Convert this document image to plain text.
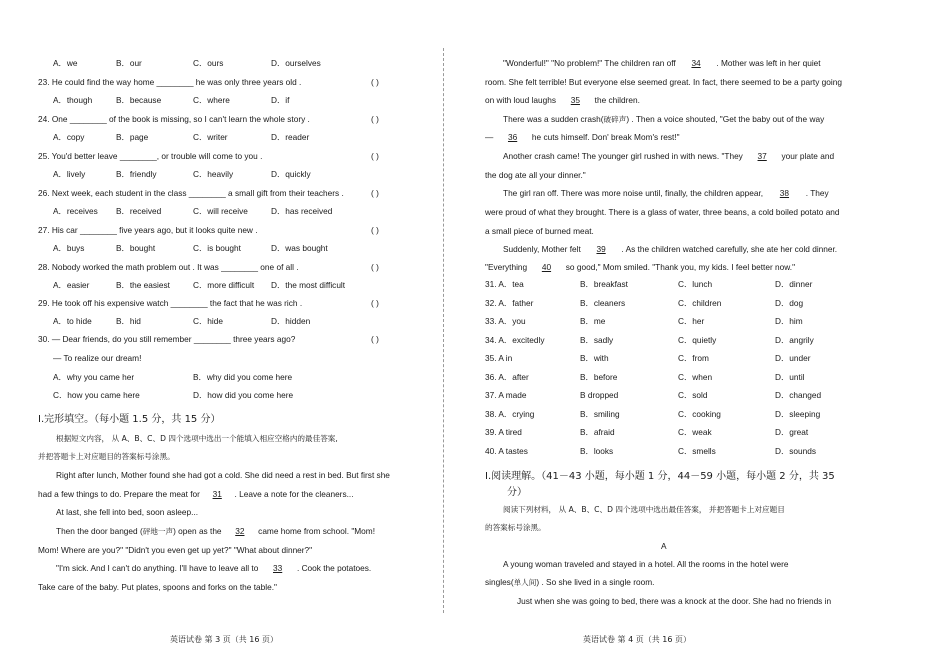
A．we	B．our	C．ours	D．ourselves
30. — Dear friends, do you still remember ________ three years ago?	( )
— To realize our dream!
A．why you came her	B．why did you come here
C．how you came here	D．how did you come here
Ⅰ.完形填空。（每小题 1.5 分，共 15 分）
根据短文内容， 从 A、B、C、D 四个选项中选出一个能填入相应空格内的最佳答案,
并把答题卡上对应题目的答案标号涂黑。
Right after lunch, Mother found she had got a cold. She did need a rest in bed. But first she
had a few things to do. Prepare the meat for 31 . Leave a note for the cleaners...
At last, she fell into bed, soon asleep...
Then the door banged (砰地一声) open as the 32 came home from school. "Mom!
Mom! Where are you?" "Didn't you even get up yet?" "What about dinner?"
"I'm sick. And I can't do anything. I'll have to leave all to 33 . Cook the potatoes.
Take care of the baby. Put plates, spoons and forks on the table."
英语试卷 第 3 页（共 16 页）
23. He could find the way home ________ he was only three years old .	( )
A．though	B．because	C．where	D．if
24. One ________ of the book is missing, so I can't learn the whole story .	( )
A．copy	B．page	C．writer	D．reader
25. You'd better leave ________, or trouble will come to you .	( )
A．lively	B．friendly	C．heavily	D．quickly
26. Next week, each student in the class ________ a small gift from their teachers .	( )
A．receives B．received	C．will receive	D．has received
27. His car ________ five years ago, but it looks quite new .	( )
A．buys	B．bought	C．is bought	D．was bought
28. Nobody worked the math problem out . It was ________ one of all .	( )
A．easier	B．the easiest	C．more difficult D．the most difficult
29. He took off his expensive watch ________ the fact that he was rich .	( )
A．to hide	B．hid	C．hide	D．hidden
"Wonderful!" "No problem!" The children ran off 34 . Mother was left in her quiet
room. She felt terrible! But everyone else seemed great. In fact, there seemed to be a party going
on with loud laughs 35 the children.
There was a sudden crash(破碎声) . Then a voice shouted, "Get the baby out of the way
— 36 he cuts himself. Don' break Mom's rest!"
Another crash came! The younger girl rushed in with news. "They 37 your plate and
the dog ate all your dinner."
The girl ran off. There was more noise until, finally, the children appear, 38 . They
were proud of what they brought. There is a glass of water, three beans, a cold boiled potato and
a small piece of burned meat.
Suddenly, Mother felt 39 . As the children watched carefully, she ate her cold dinner.
"Everything 40 so good," Mom smiled. "Thank you, my kids. I feel better now."
Ⅰ.阅读理解。（41－43 小题，每小题 1 分，44－59 小题，每小题 2 分，共 35
分）
阅读下列材料， 从 A、B、C、D 四个选项中选出最佳答案， 并把答题卡上对应题目
的答案标号涂黑。
A
A young woman traveled and stayed in a hotel. All the rooms in the hotel were
singles(单人间) . So she lived in a single room.
Just when she was going to bed, there was a knock at the door. She had no friends in
英语试卷 第 4 页（共 16 页）
31. A．tea	B．breakfast	C．lunch	D．dinner
32. A．father	B．cleaners	C．children	D．dog
33. A．you	B．me	C．her	D．him
34. A．excitedly	B．sadly	C．quietly	D．angrily
35. A in	B．with	C．from	D．under
36. A．after	B．before	C．when	D．until
37. A made	B dropped	C．sold	D．changed
38. A．crying	B．smiling	C．cooking	D．sleeping
39. A tired	B．afraid	C．weak	D．great
40. A tastes	B．looks	C．smells	D．sounds
